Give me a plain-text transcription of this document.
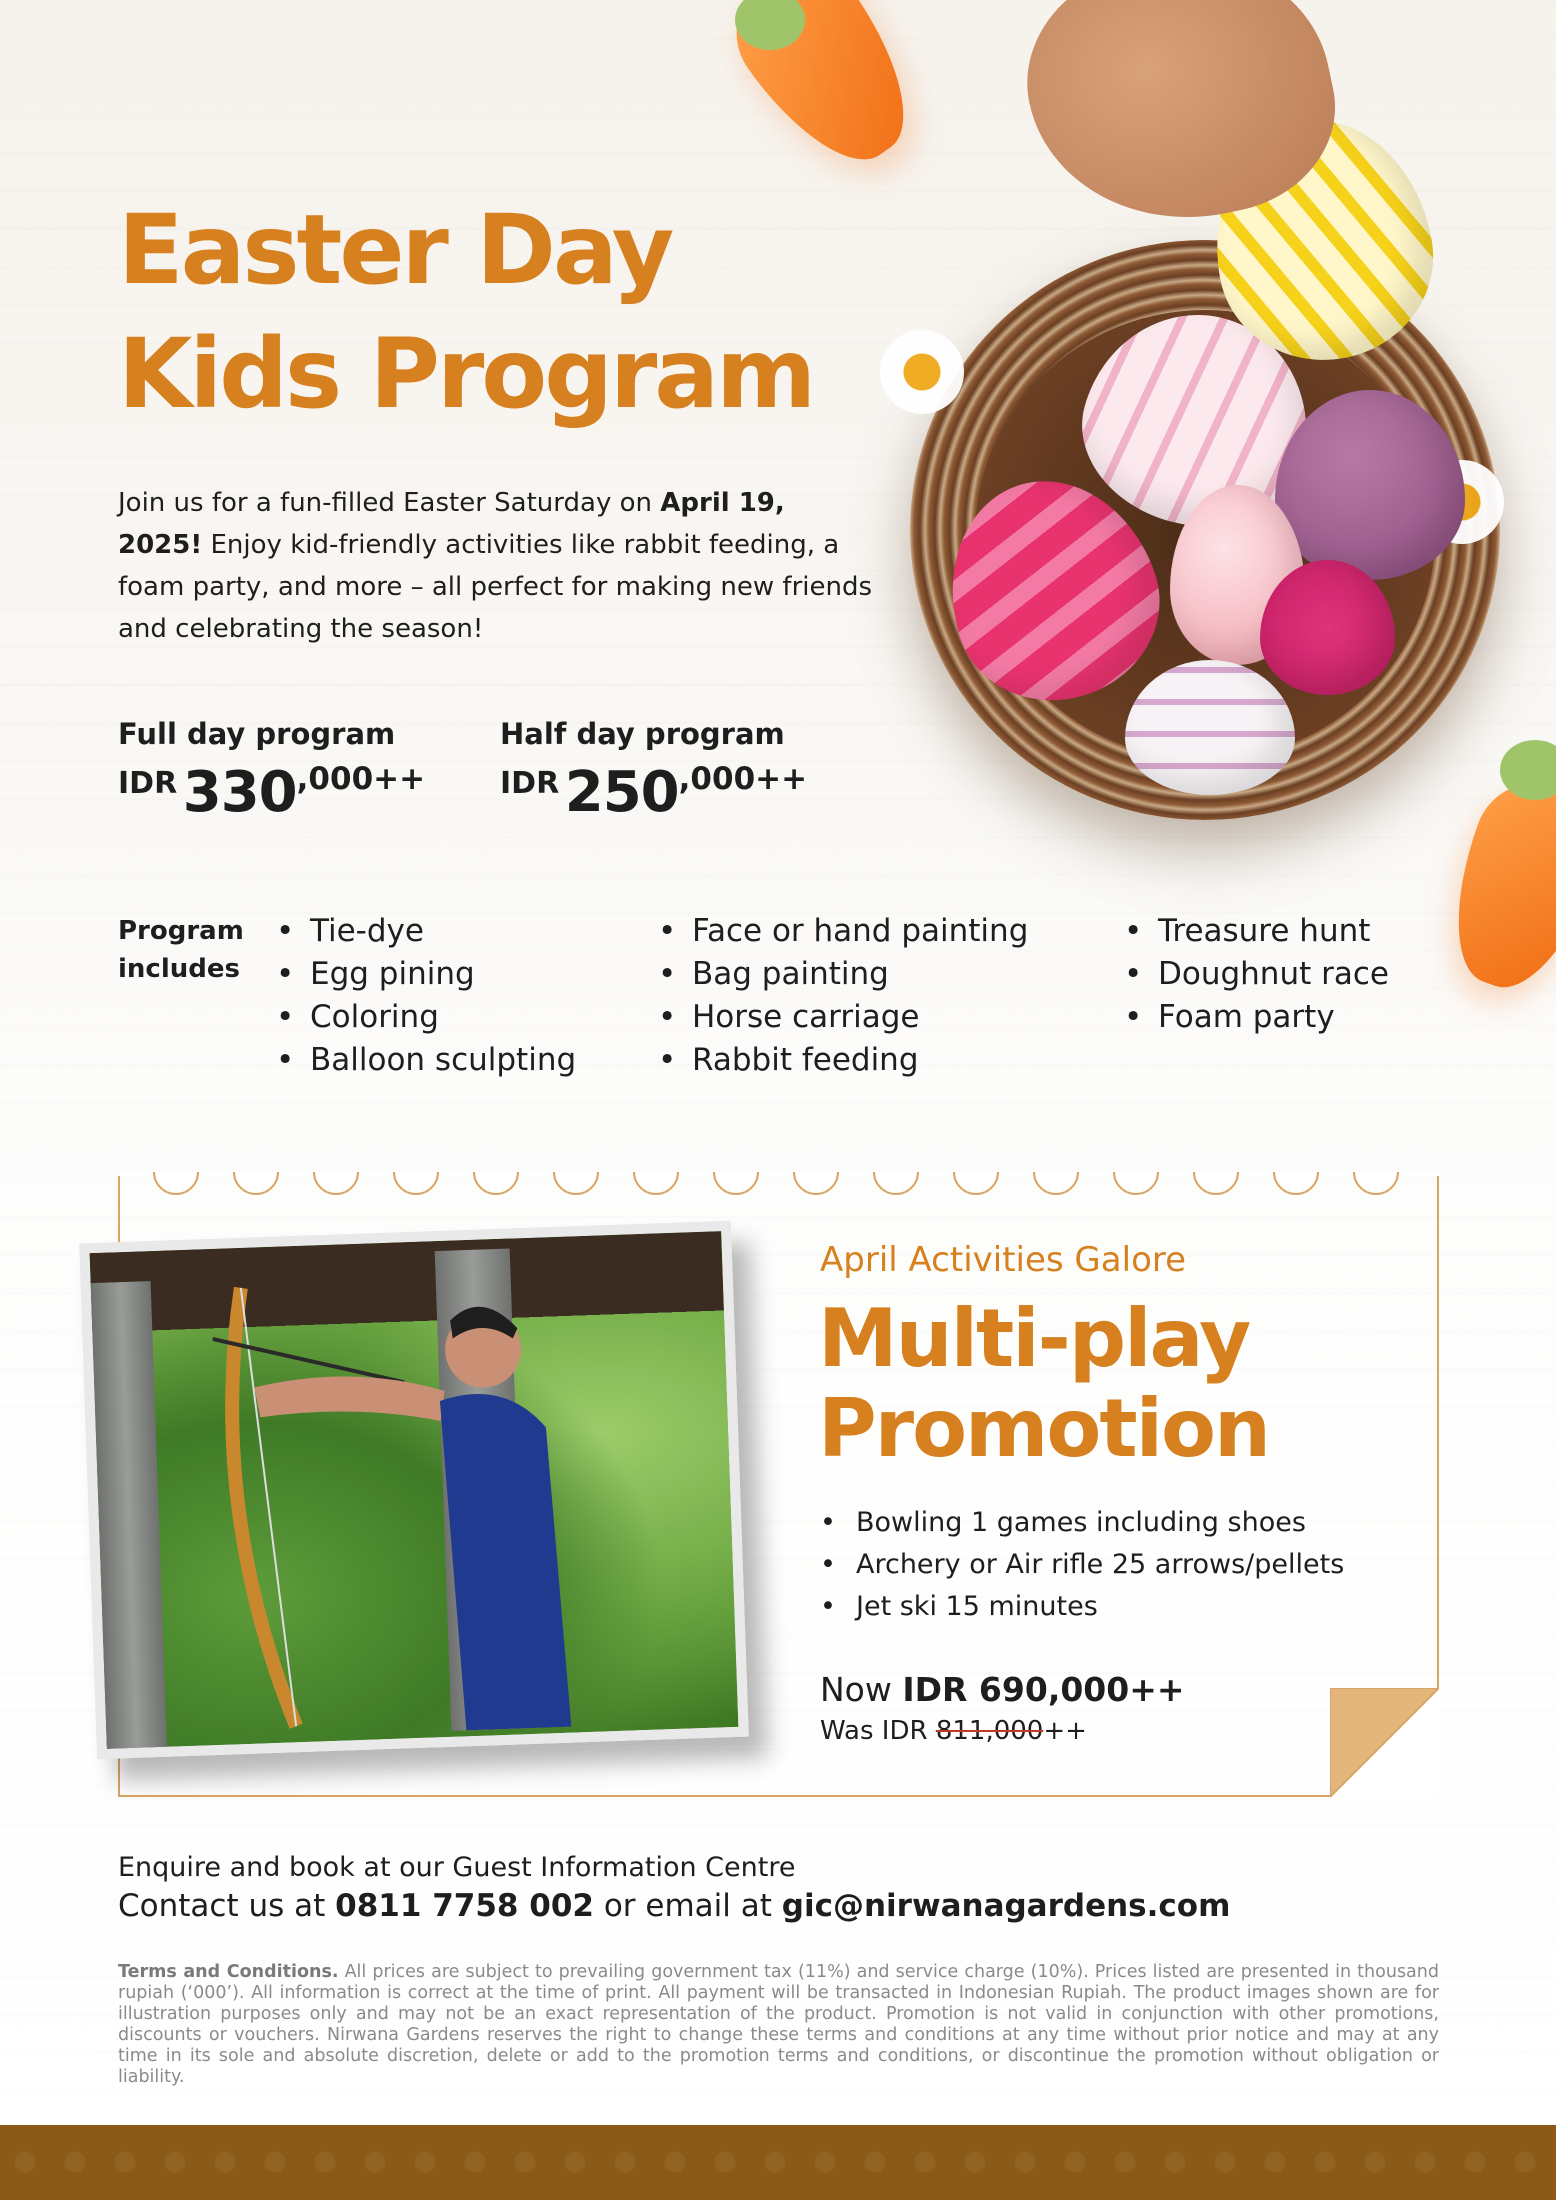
Easter Day
Kids Program

Join us for a fun-filled Easter Saturday on April 19, 2025! Enjoy kid-friendly activities like rabbit feeding, a foam party, and more – all perfect for making new friends and celebrating the season!

Full day program
IDR 330,000++
Half day program
IDR 250,000++
Program
includes
• Tie-dye
• Egg pining
• Coloring
• Balloon sculpting
• Face or hand painting
• Bag painting
• Horse carriage
• Rabbit feeding
• Treasure hunt
• Doughnut race
• Foam party
April Activities Galore
Multi-play
Promotion
• Bowling 1 games including shoes
• Archery or Air rifle 25 arrows/pellets
• Jet ski 15 minutes
Now IDR 690,000++
Was IDR 811,000++
Enquire and book at our Guest Information Centre
Contact us at 0811 7758 002 or email at gic@nirwanagardens.com

Terms and Conditions. All prices are subject to prevailing government tax (11%) and service charge (10%). Prices listed are presented in thousand rupiah (‘000’). All information is correct at the time of print. All payment will be transacted in Indonesian Rupiah. The product images shown are for illustration purposes only and may not be an exact representation of the product. Promotion is not valid in conjunction with other promotions, discounts or vouchers. Nirwana Gardens reserves the right to change these terms and conditions at any time without prior notice and may at any time in its sole and absolute discretion, delete or add to the promotion terms and conditions, or discontinue the promotion without obligation or liability.
